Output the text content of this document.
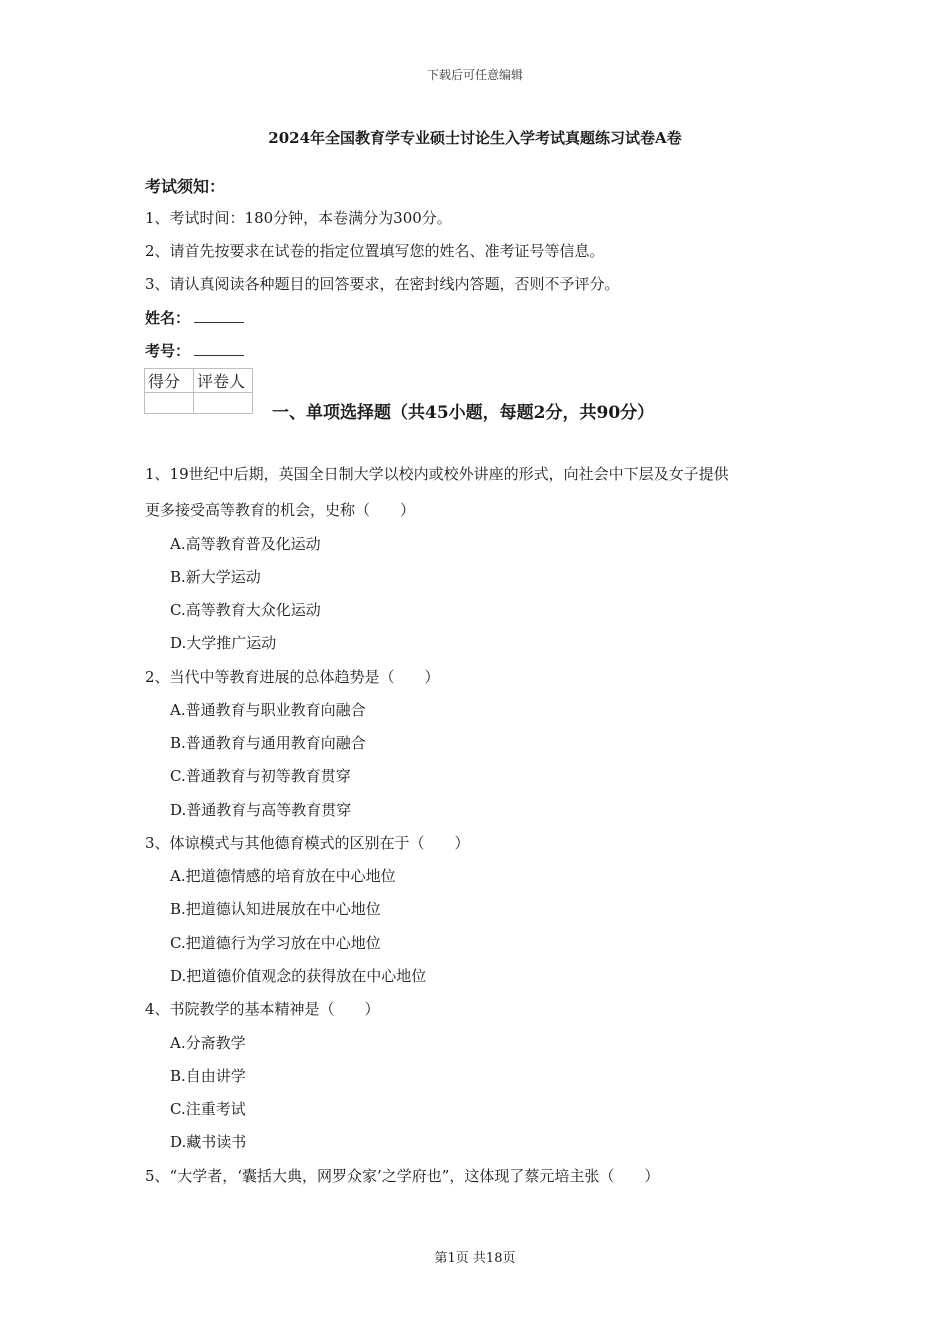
下载后可任意编辑
2024年全国教育学专业硕士讨论生入学考试真题练习试卷A卷
考试须知：
1、考试时间：180分钟，本卷满分为300分。
2、请首先按要求在试卷的指定位置填写您的姓名、准考证号等信息。
3、请认真阅读各种题目的回答要求，在密封线内答题，否则不予评分。
姓名：
考号：
得分	评卷人

一、单项选择题（共45小题，每题2分，共90分）
1、19世纪中后期，英国全日制大学以校内或校外讲座的形式，向社会中下层及女子提供
更多接受高等教育的机会，史称（　　）
A.高等教育普及化运动
B.新大学运动
C.高等教育大众化运动
D.大学推广运动
2、当代中等教育进展的总体趋势是（　　）
A.普通教育与职业教育向融合
B.普通教育与通用教育向融合
C.普通教育与初等教育贯穿
D.普通教育与高等教育贯穿
3、体谅模式与其他德育模式的区别在于（　　）
A.把道德情感的培育放在中心地位
B.把道德认知进展放在中心地位
C.把道德行为学习放在中心地位
D.把道德价值观念的获得放在中心地位
4、书院教学的基本精神是（　　）
A.分斋教学
B.自由讲学
C.注重考试
D.藏书读书
5、“大学者，‘囊括大典，网罗众家’之学府也”，这体现了蔡元培主张（　　）
第1页 共18页
